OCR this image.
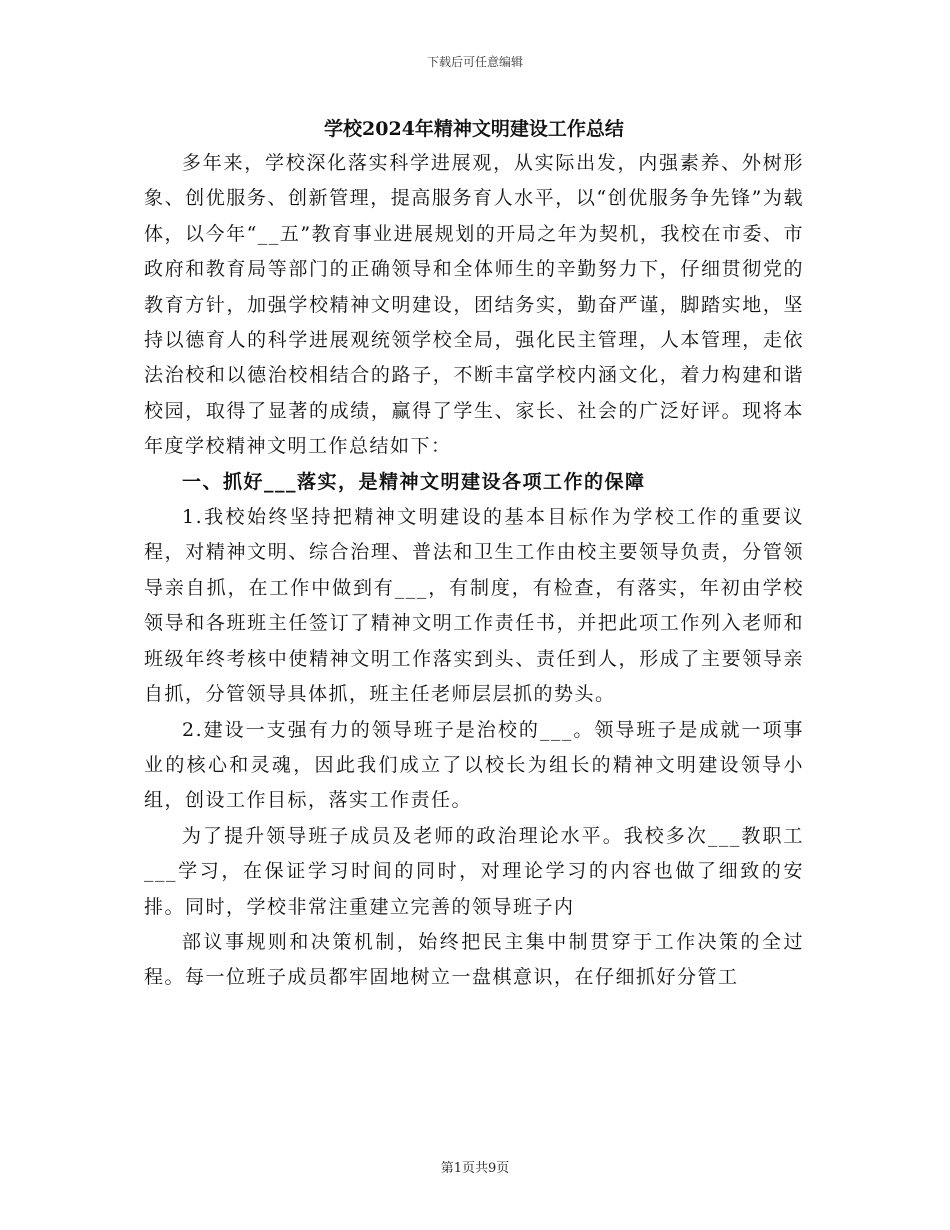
下载后可任意编辑
学校2024年精神文明建设工作总结

多年来，学校深化落实科学进展观，从实际出发，内强素养、外树形象、创优服务、创新管理，提高服务育人水平，以“创优服务争先锋”为载体，以今年“__五”教育事业进展规划的开局之年为契机，我校在市委、市政府和教育局等部门的正确领导和全体师生的辛勤努力下，仔细贯彻党的教育方针，加强学校精神文明建设，团结务实，勤奋严谨，脚踏实地，坚持以德育人的科学进展观统领学校全局，强化民主管理，人本管理，走依法治校和以德治校相结合的路子，不断丰富学校内涵文化，着力构建和谐校园，取得了显著的成绩，赢得了学生、家长、社会的广泛好评。现将本年度学校精神文明工作总结如下：

一、抓好___落实，是精神文明建设各项工作的保障

1.我校始终坚持把精神文明建设的基本目标作为学校工作的重要议程，对精神文明、综合治理、普法和卫生工作由校主要领导负责，分管领导亲自抓，在工作中做到有___，有制度，有检查，有落实，年初由学校领导和各班班主任签订了精神文明工作责任书，并把此项工作列入老师和班级年终考核中使精神文明工作落实到头、责任到人，形成了主要领导亲自抓，分管领导具体抓，班主任老师层层抓的势头。

2.建设一支强有力的领导班子是治校的___。领导班子是成就一项事业的核心和灵魂，因此我们成立了以校长为组长的精神文明建设领导小组，创设工作目标，落实工作责任。

为了提升领导班子成员及老师的政治理论水平。我校多次___教职工___学习，在保证学习时间的同时，对理论学习的内容也做了细致的安排。同时，学校非常注重建立完善的领导班子内

部议事规则和决策机制，始终把民主集中制贯穿于工作决策的全过程。每一位班子成员都牢固地树立一盘棋意识，在仔细抓好分管工

第1页共9页
